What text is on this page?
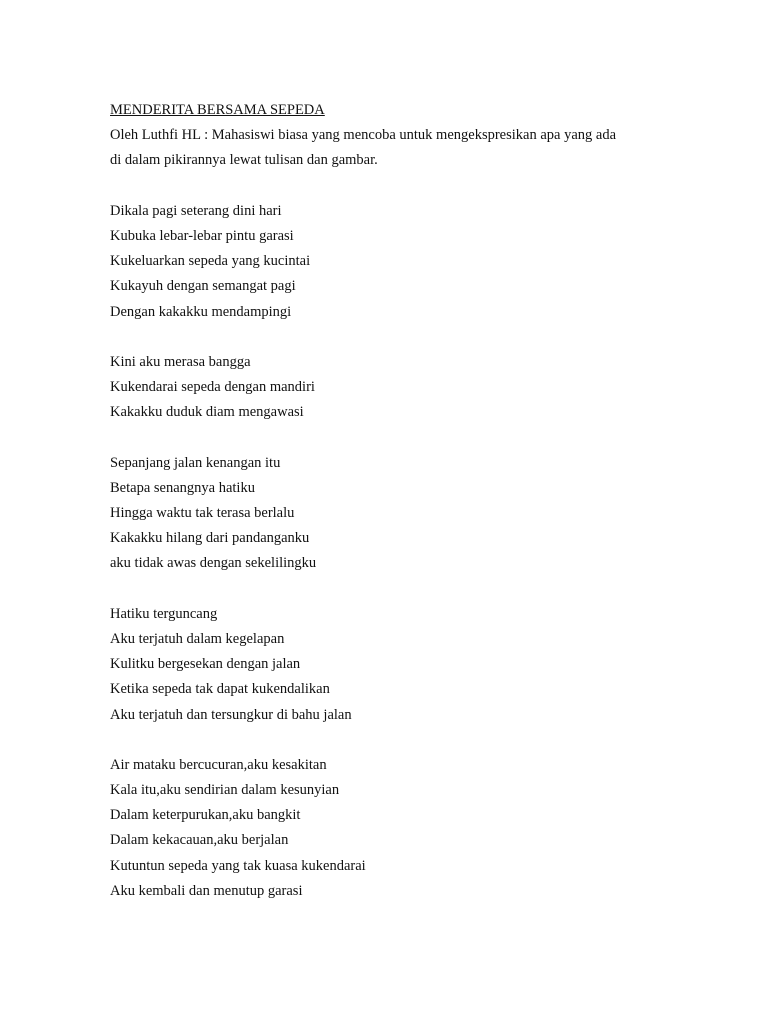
MENDERITA BERSAMA SEPEDA
Oleh Luthfi HL : Mahasiswi biasa yang mencoba untuk mengekspresikan apa yang ada
di dalam pikirannya lewat tulisan dan gambar.
Dikala pagi seterang dini hari
Kubuka lebar-lebar pintu garasi
Kukeluarkan sepeda yang kucintai
Kukayuh dengan semangat pagi
Dengan kakakku mendampingi
Kini aku merasa bangga
Kukendarai sepeda dengan mandiri
Kakakku duduk diam mengawasi
Sepanjang jalan kenangan itu
Betapa senangnya hatiku
Hingga waktu tak terasa berlalu
Kakakku hilang dari pandanganku
aku tidak awas dengan sekelilingku
Hatiku terguncang
Aku terjatuh dalam kegelapan
Kulitku bergesekan dengan jalan
Ketika sepeda tak dapat kukendalikan
Aku terjatuh dan tersungkur di bahu jalan
Air mataku bercucuran,aku kesakitan
Kala itu,aku sendirian dalam kesunyian
Dalam keterpurukan,aku bangkit
Dalam kekacauan,aku berjalan
Kutuntun sepeda yang tak kuasa kukendarai
Aku kembali dan menutup garasi
